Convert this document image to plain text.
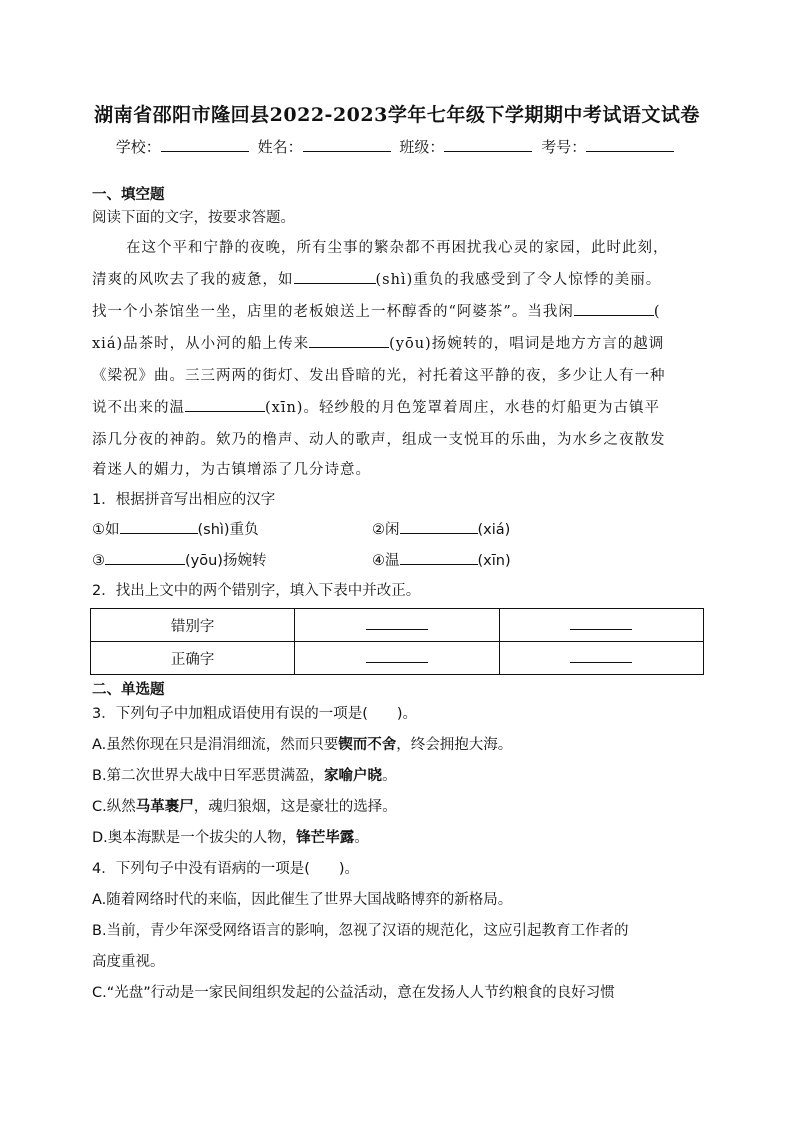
湖南省邵阳市隆回县2022-2023学年七年级下学期期中考试语文试卷
学校：	姓名：	班级：	考号：
一、填空题
阅读下面的文字，按要求答题。
在这个平和宁静的夜晚，所有尘事的繁杂都不再困扰我心灵的家园，此时此刻，
清爽的风吹去了我的疲惫，如	(shì)重负的我感受到了令人惊悸的美丽。
找一个小茶馆坐一坐，店里的老板娘送上一杯醇香的“阿婆茶”。当我闲	(
xiá)品茶时，从小河的船上传来	(yōu)扬婉转的，唱词是地方方言的越调
《梁祝》曲。三三两两的街灯、发出昏暗的光，衬托着这平静的夜，多少让人有一种
说不出来的温	(xīn)。轻纱般的月色笼罩着周庄，水巷的灯船更为古镇平
添几分夜的神韵。欸乃的橹声、动人的歌声，组成一支悦耳的乐曲，为水乡之夜散发
着迷人的媚力，为古镇增添了几分诗意。
1．根据拼音写出相应的汉字
①如	(shì)重负	②闲	(xiá)
③	(yōu)扬婉转	④温	(xīn)
2．找出上文中的两个错别字，填入下表中并改正。
错别字		
正确字		
二、单选题
3．下列句子中加粗成语使用有误的一项是(　　)。
A.虽然你现在只是涓涓细流，然而只要锲而不舍，终会拥抱大海。
B.第二次世界大战中日军恶贯满盈，家喻户晓。
C.纵然马革裹尸，魂归狼烟，这是豪壮的选择。
D.奥本海默是一个拔尖的人物，锋芒毕露。
4．下列句子中没有语病的一项是(　　)。
A.随着网络时代的来临，因此催生了世界大国战略博弈的新格局。
B.当前，青少年深受网络语言的影响，忽视了汉语的规范化，这应引起教育工作者的
高度重视。
C.“光盘”行动是一家民间组织发起的公益活动，意在发扬人人节约粮食的良好习惯
